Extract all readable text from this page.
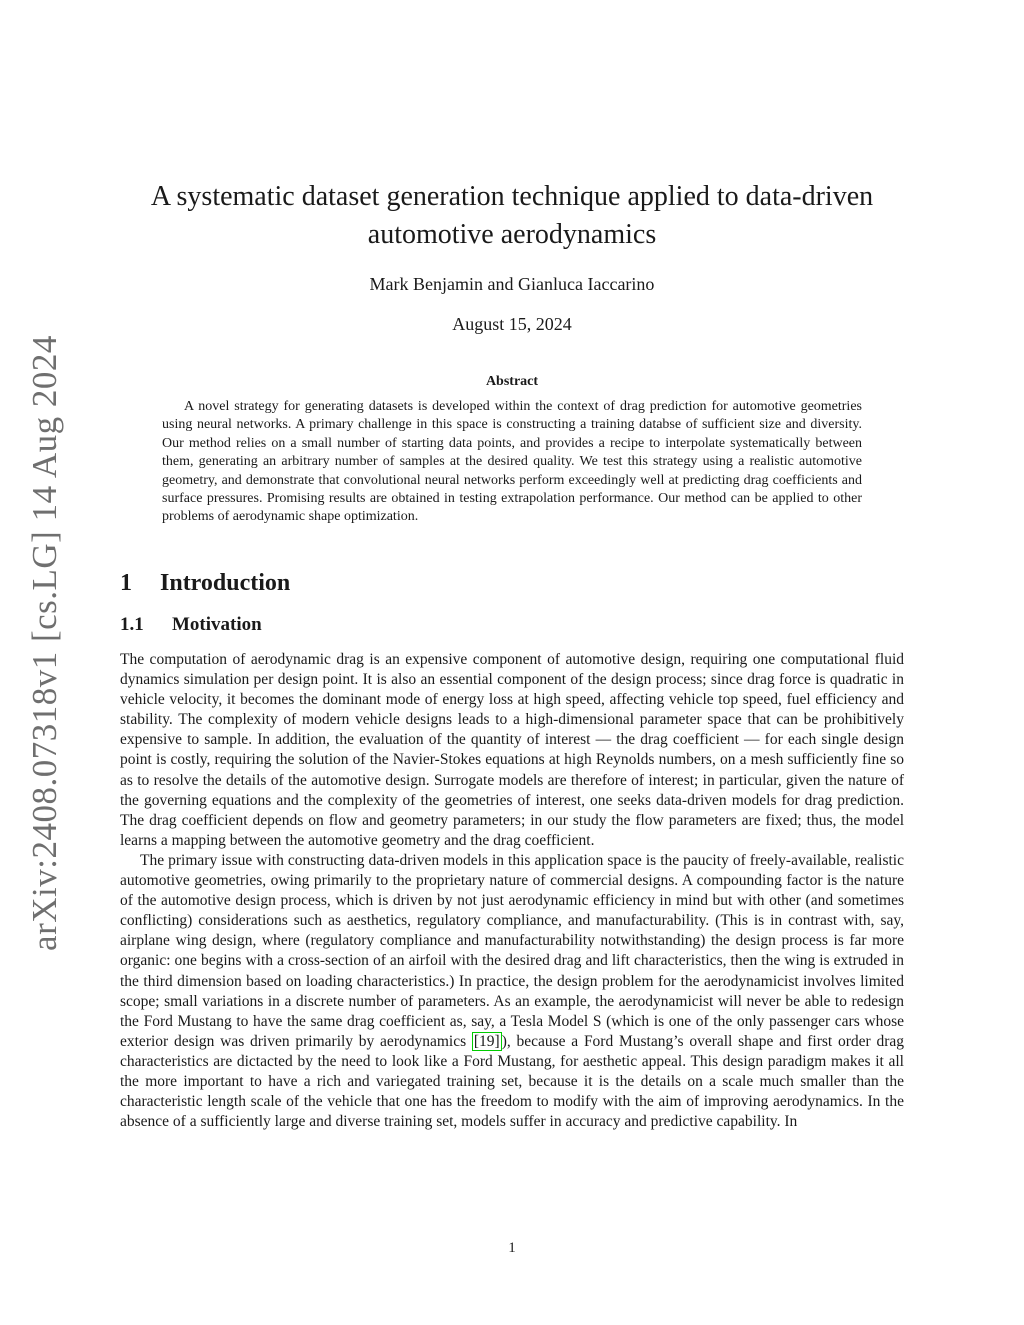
arXiv:2408.07318v1 [cs.LG] 14 Aug 2024
A systematic dataset generation technique applied to data-driven automotive aerodynamics
Mark Benjamin and Gianluca Iaccarino
August 15, 2024
Abstract

A novel strategy for generating datasets is developed within the context of drag prediction for automotive geometries using neural networks. A primary challenge in this space is constructing a training databse of sufficient size and diversity. Our method relies on a small number of starting data points, and provides a recipe to interpolate systematically between them, generating an arbitrary number of samples at the desired quality. We test this strategy using a realistic automotive geometry, and demonstrate that convolutional neural networks perform exceedingly well at predicting drag coefficients and surface pressures. Promising results are obtained in testing extrapolation performance. Our method can be applied to other problems of aerodynamic shape optimization.

1 Introduction
1.1 Motivation

The computation of aerodynamic drag is an expensive component of automotive design, requiring one computational fluid dynamics simulation per design point. It is also an essential component of the design process; since drag force is quadratic in vehicle velocity, it becomes the dominant mode of energy loss at high speed, affecting vehicle top speed, fuel efficiency and stability. The complexity of modern vehicle designs leads to a high-dimensional parameter space that can be prohibitively expensive to sample. In addition, the evaluation of the quantity of interest — the drag coefficient — for each single design point is costly, requiring the solution of the Navier-Stokes equations at high Reynolds numbers, on a mesh sufficiently fine so as to resolve the details of the automotive design. Surrogate models are therefore of interest; in particular, given the nature of the governing equations and the complexity of the geometries of interest, one seeks data-driven models for drag prediction. The drag coefficient depends on flow and geometry parameters; in our study the flow parameters are fixed; thus, the model learns a mapping between the automotive geometry and the drag coefficient.

The primary issue with constructing data-driven models in this application space is the paucity of freely-available, realistic automotive geometries, owing primarily to the proprietary nature of commercial designs. A compounding factor is the nature of the automotive design process, which is driven by not just aerodynamic efficiency in mind but with other (and sometimes conflicting) considerations such as aesthetics, regulatory compliance, and manufacturability. (This is in contrast with, say, airplane wing design, where (regulatory compliance and manufacturability notwithstanding) the design process is far more organic: one begins with a cross-section of an airfoil with the desired drag and lift characteristics, then the wing is extruded in the third dimension based on loading characteristics.) In practice, the design problem for the aerodynamicist involves limited scope; small variations in a discrete number of parameters. As an example, the aerodynamicist will never be able to redesign the Ford Mustang to have the same drag coefficient as, say, a Tesla Model S (which is one of the only passenger cars whose exterior design was driven primarily by aerodynamics [19] ), because a Ford Mustang’s overall shape and first order drag characteristics are dictacted by the need to look like a Ford Mustang, for aesthetic appeal. This design paradigm makes it all the more important to have a rich and variegated training set, because it is the details on a scale much smaller than the characteristic length scale of the vehicle that one has the freedom to modify with the aim of improving aerodynamics. In the absence of a sufficiently large and diverse training set, models suffer in accuracy and predictive capability. In

1
